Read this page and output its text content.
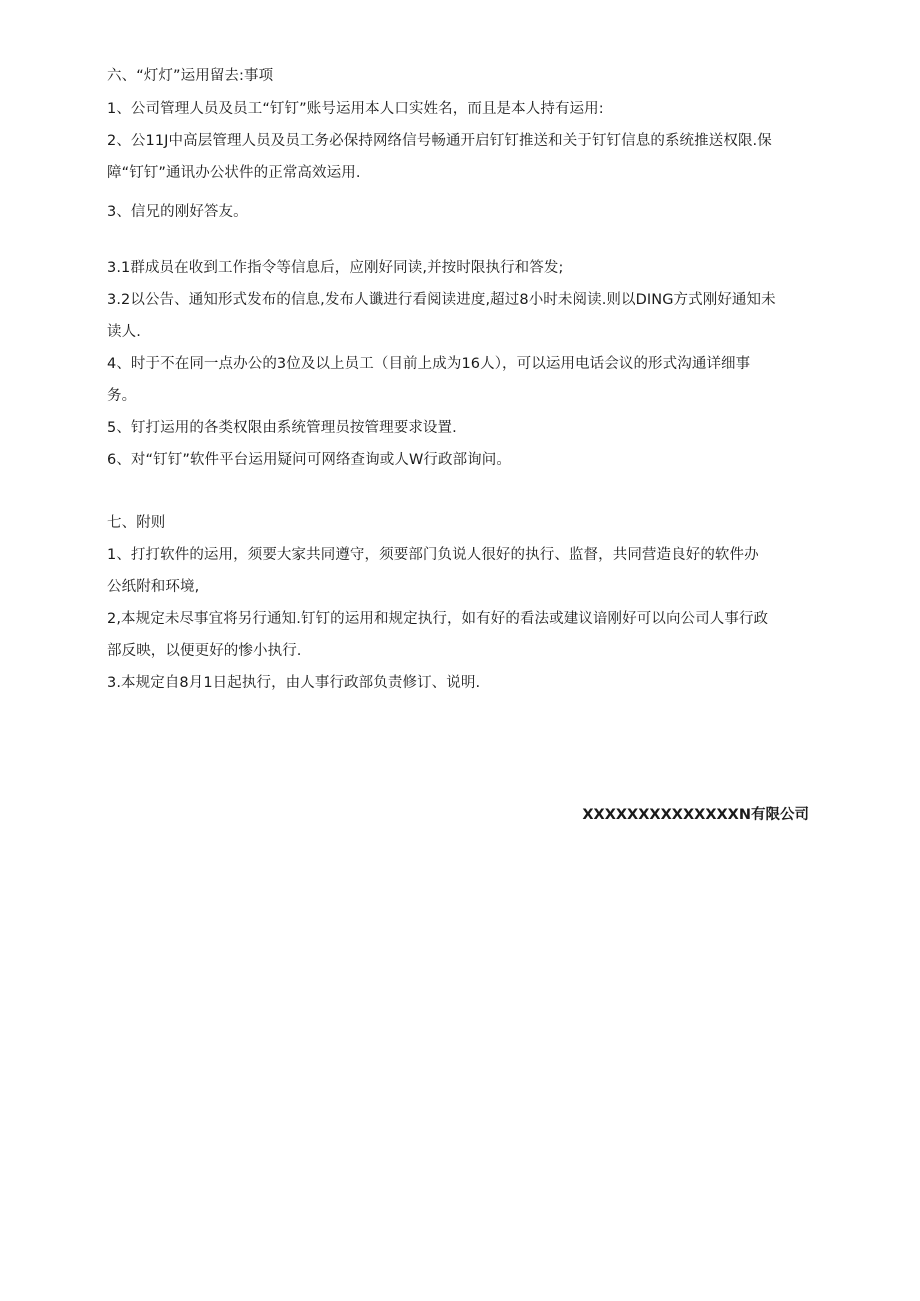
六、“灯灯”运用留去:事项
1、公司管理人员及员工“钉钉”账号运用本人口实姓名，而且是本人持有运用:
2、公11J中高层管理人员及员工务必保持网络信号畅通开启钉钉推送和关于钉钉信息的系统推送权限.保
障“钉钉”通讯办公状件的正常高效运用.
3、信兄的刚好答友。
3.1群成员在收到工作指令等信息后，应刚好同读,并按时限执行和答发;
3.2以公告、通知形式发布的信息,发布人谶进行看阅读进度,超过8小时未阅读.则以DING方式刚好通知未
读人.
4、时于不在同一点办公的3位及以上员工（目前上成为16人），可以运用电话会议的形式沟通详细事
务。
5、钉打运用的各类权限由系统管理员按管理要求设置.
6、对“钉钉”软件平台运用疑问可网络查询或人W行政部询问。
七、附则
1、打打软件的运用，须要大家共同遵守，须要部门负说人很好的执行、监督，共同营造良好的软件办
公纸附和环境,
2,本规定未尽事宜将另行通知.钉钉的运用和规定执行，如有好的看法或建议谙刚好可以向公司人事行政
部反映，以便更好的惨小执行.
3.本规定自8月1日起执行，由人事行政部负责修订、说明.
XXXXXXXXXXXXXXN有限公司
